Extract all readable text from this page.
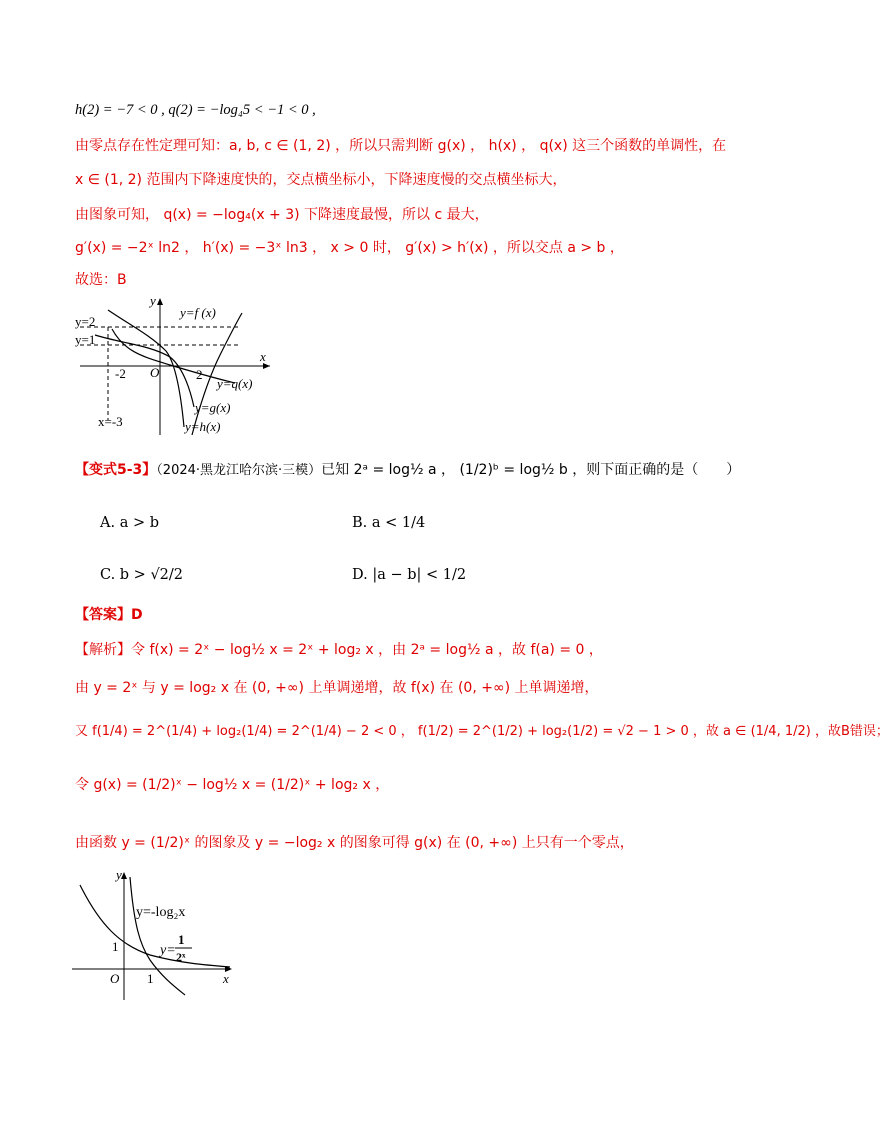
h(2) = −7 < 0 , q(2) = −log₄5 < −1 < 0 ,
由零点存在性定理可知：a, b, c ∈ (1, 2) ，所以只需判断 g(x) ， h(x) ， q(x) 这三个函数的单调性，在
x ∈ (1, 2) 范围内下降速度快的，交点横坐标小，下降速度慢的交点横坐标大，
由图象可知， q(x) = −log₄(x + 3) 下降速度最慢，所以 c 最大，
g′(x) = −2ˣ ln2 ， h′(x) = −3ˣ ln3 ， x > 0 时， g′(x) > h′(x) ，所以交点 a > b ，
故选：B
y
x
O
y=2
y=1
-2	2
x=-3
y=f (x)
y=q(x)
y=g(x)
y=h(x)
【变式5-3】（2024·黑龙江哈尔滨·三模）已知 2ᵃ = log½ a ， (1/2)ᵇ = log½ b ，则下面正确的是（　　）
A. a > b	B. a < 1/4
C. b > √2/2	D. |a − b| < 1/2
【答案】D
【解析】令 f(x) = 2ˣ − log½ x = 2ˣ + log₂ x ，由 2ᵃ = log½ a ，故 f(a) = 0 ，
由 y = 2ˣ 与 y = log₂ x 在 (0, +∞) 上单调递增，故 f(x) 在 (0, +∞) 上单调递增，
又 f(1/4) = 2^(1/4) + log₂(1/4) = 2^(1/4) − 2 < 0 ， f(1/2) = 2^(1/2) + log₂(1/2) = √2 − 1 > 0 ，故 a ∈ (1/4, 1/2) ，故B错误；
令 g(x) = (1/2)ˣ − log½ x = (1/2)ˣ + log₂ x ，
由函数 y = (1/2)ˣ 的图象及 y = −log₂ x 的图象可得 g(x) 在 (0, +∞) 上只有一个零点，
y
x
O
1
1
y=-log₂x
y=
1
2ˣ
